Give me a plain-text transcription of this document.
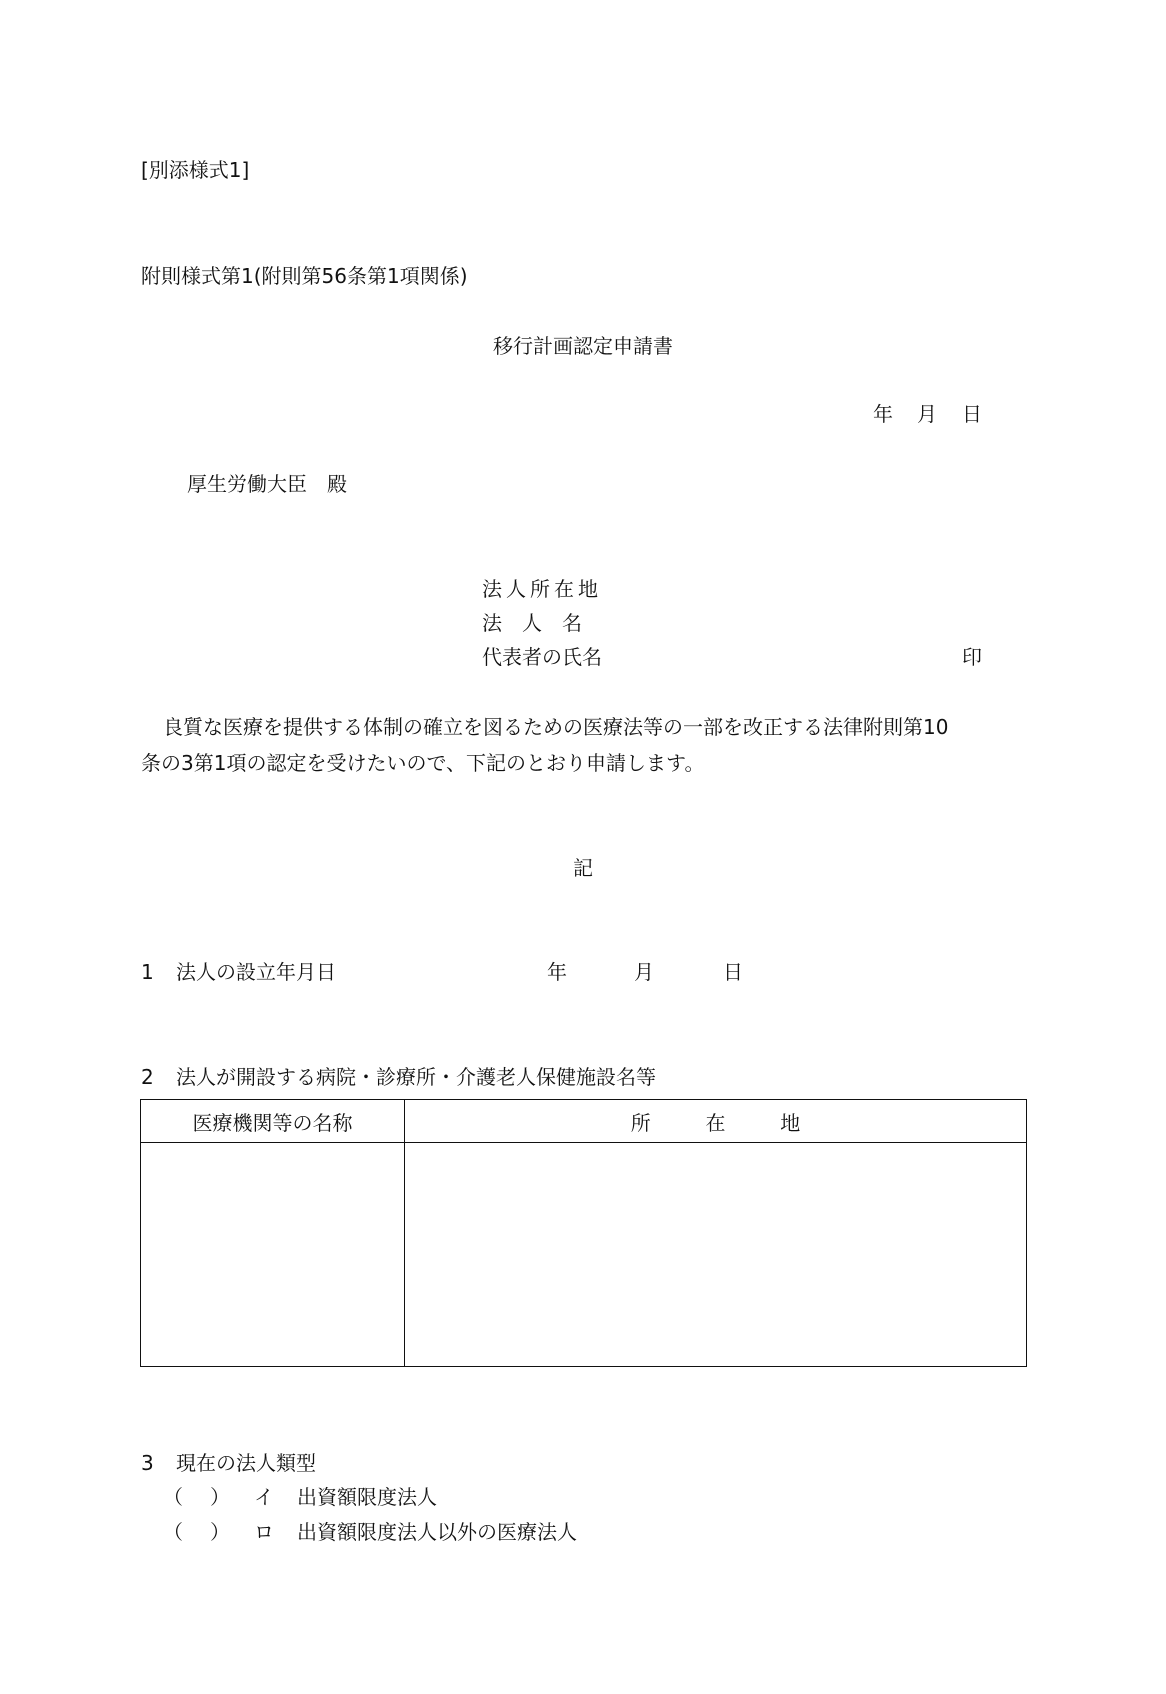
[別添様式1]
附則様式第1(附則第56条第1項関係)
移行計画認定申請書
年 月 日
厚生労働大臣　殿
法人所在地
法　人　名
代表者の氏名	印
良質な医療を提供する体制の確立を図るための医療法等の一部を改正する法律附則第10
条の3第1項の認定を受けたいので、下記のとおり申請します。
記
1 法人の設立年月日	年	月	日
2 法人が開設する病院・診療所・介護老人保健施設名等
医療機関等の名称	所 在 地

3 現在の法人類型
（ ） イ 出資額限度法人
（ ） ロ 出資額限度法人以外の医療法人
